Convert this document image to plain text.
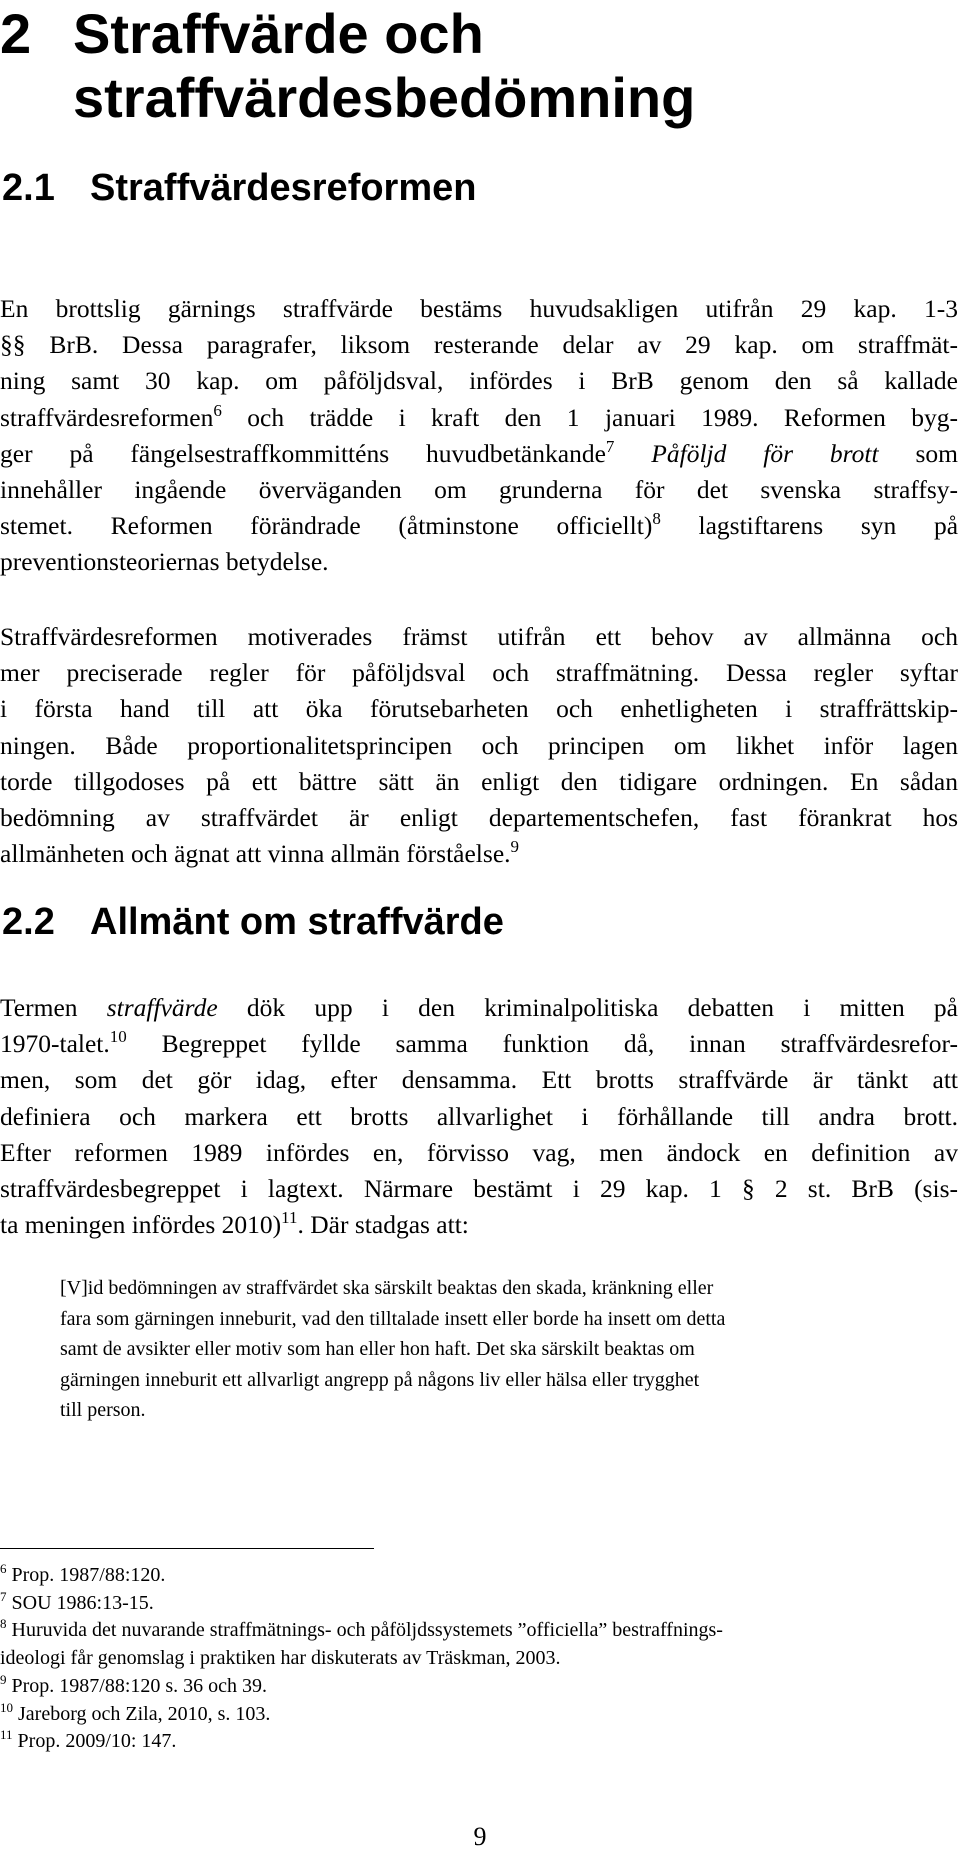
2 Straffvärde och
straffvärdesbedömning
2.1 Straffvärdesreformen
En brottslig gärnings straffvärde bestäms huvudsakligen utifrån 29 kap. 1-3
§§ BrB. Dessa paragrafer, liksom resterande delar av 29 kap. om straffmät-
ning samt 30 kap. om påföljdsval, infördes i BrB genom den så kallade
straffvärdesreformen$^6$ och trädde i kraft den 1 januari 1989. Reformen byg-
ger på fängelsestraffkommitténs huvudbetänkande$^7$ Påföljd för brott som
innehåller ingående överväganden om grunderna för det svenska straffsy-
stemet. Reformen förändrade (åtminstone officiellt)$^8$ lagstiftarens syn på
preventionsteoriernas betydelse.
Straffvärdesreformen motiverades främst utifrån ett behov av allmänna och
mer preciserade regler för påföljdsval och straffmätning. Dessa regler syftar
i första hand till att öka förutsebarheten och enhetligheten i straffrättskip-
ningen. Både proportionalitetsprincipen och principen om likhet inför lagen
torde tillgodoses på ett bättre sätt än enligt den tidigare ordningen. En sådan
bedömning av straffvärdet är enligt departementschefen, fast förankrat hos
allmänheten och ägnat att vinna allmän förståelse.$^9$
2.2 Allmänt om straffvärde
Termen straffvärde dök upp i den kriminalpolitiska debatten i mitten på
1970-talet.$^{10}$ Begreppet fyllde samma funktion då, innan straffvärdesrefor-
men, som det gör idag, efter densamma. Ett brotts straffvärde är tänkt att
definiera och markera ett brotts allvarlighet i förhållande till andra brott.
Efter reformen 1989 infördes en, förvisso vag, men ändock en definition av
straffvärdesbegreppet i lagtext. Närmare bestämt i 29 kap. 1 § 2 st. BrB (sis-
ta meningen infördes 2010)$^{11}$. Där stadgas att:
[V]id bedömningen av straffvärdet ska särskilt beaktas den skada, kränkning eller
fara som gärningen inneburit, vad den tilltalade insett eller borde ha insett om detta
samt de avsikter eller motiv som han eller hon haft. Det ska särskilt beaktas om
gärningen inneburit ett allvarligt angrepp på någons liv eller hälsa eller trygghet
till person.
$^6$ Prop. 1987/88:120.
$^7$ SOU 1986:13-15.
$^8$ Huruvida det nuvarande straffmätnings- och påföljdssystemets ”officiella” bestraffnings-
ideologi får genomslag i praktiken har diskuterats av Träskman, 2003.
$^9$ Prop. 1987/88:120 s. 36 och 39.
$^{10}$ Jareborg och Zila, 2010, s. 103.
$^{11}$ Prop. 2009/10: 147.
9
